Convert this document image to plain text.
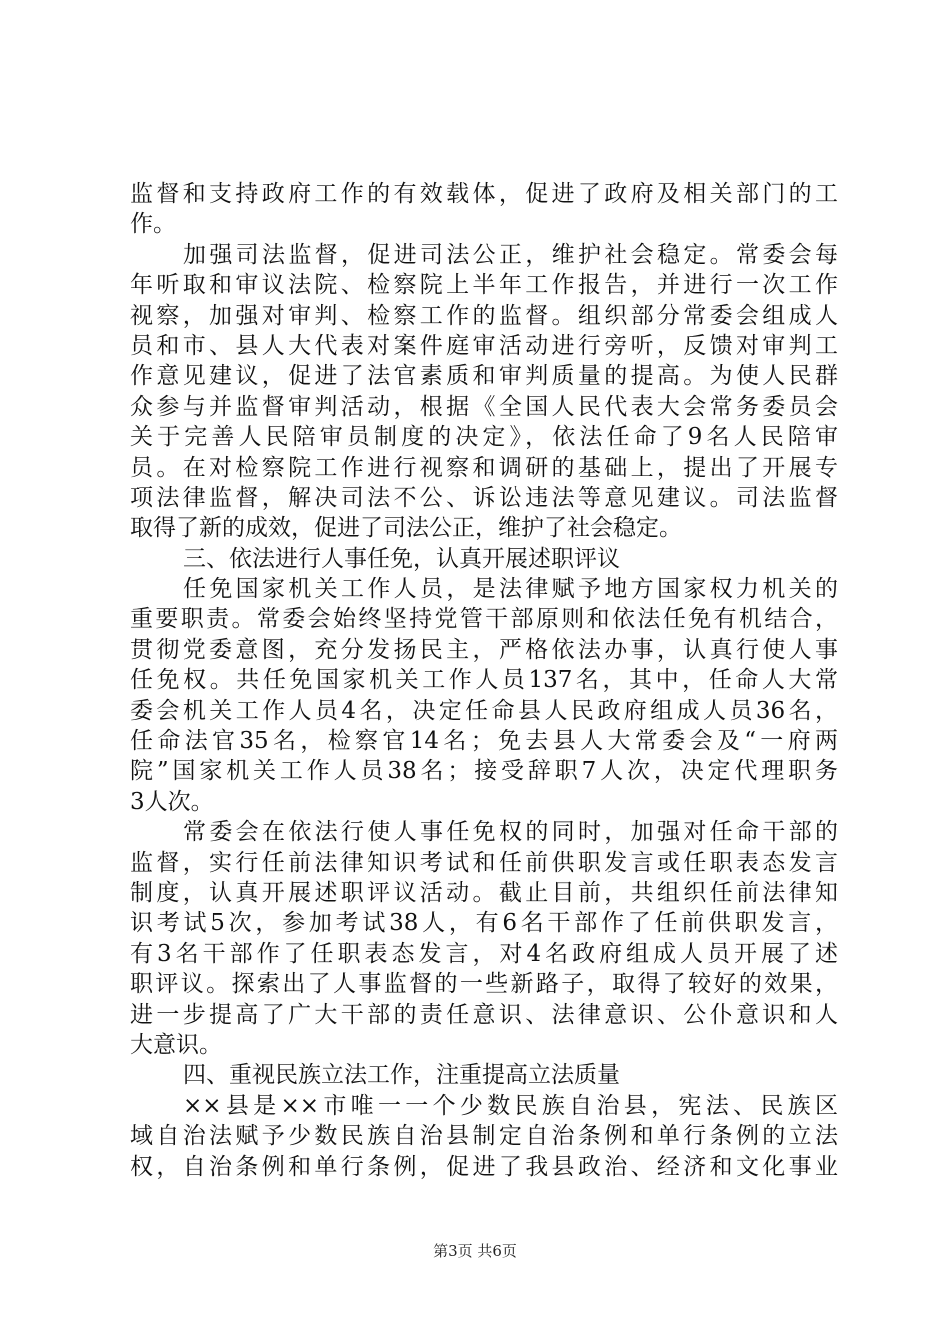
监督和支持政府工作的有效载体，促进了政府及相关部门的工
作。
加强司法监督，促进司法公正，维护社会稳定。常委会每
年听取和审议法院、检察院上半年工作报告，并进行一次工作
视察，加强对审判、检察工作的监督。组织部分常委会组成人
员和市、县人大代表对案件庭审活动进行旁听，反馈对审判工
作意见建议，促进了法官素质和审判质量的提高。为使人民群
众参与并监督审判活动，根据《全国人民代表大会常务委员会
关于完善人民陪审员制度的决定》，依法任命了9名人民陪审
员。在对检察院工作进行视察和调研的基础上，提出了开展专
项法律监督，解决司法不公、诉讼违法等意见建议。司法监督
取得了新的成效，促进了司法公正，维护了社会稳定。
三、依法进行人事任免，认真开展述职评议
任免国家机关工作人员，是法律赋予地方国家权力机关的
重要职责。常委会始终坚持党管干部原则和依法任免有机结合，
贯彻党委意图，充分发扬民主，严格依法办事，认真行使人事
任免权。共任免国家机关工作人员137名，其中，任命人大常
委会机关工作人员4名，决定任命县人民政府组成人员36名，
任命法官35名，检察官14名；免去县人大常委会及“一府两
院”国家机关工作人员38名；接受辞职7人次，决定代理职务
3人次。
常委会在依法行使人事任免权的同时，加强对任命干部的
监督，实行任前法律知识考试和任前供职发言或任职表态发言
制度，认真开展述职评议活动。截止目前，共组织任前法律知
识考试5次，参加考试38人，有6名干部作了任前供职发言，
有3名干部作了任职表态发言，对4名政府组成人员开展了述
职评议。探索出了人事监督的一些新路子，取得了较好的效果，
进一步提高了广大干部的责任意识、法律意识、公仆意识和人
大意识。
四、重视民族立法工作，注重提高立法质量
××县是××市唯一一个少数民族自治县，宪法、民族区
域自治法赋予少数民族自治县制定自治条例和单行条例的立法
权，自治条例和单行条例，促进了我县政治、经济和文化事业
第3页 共6页
